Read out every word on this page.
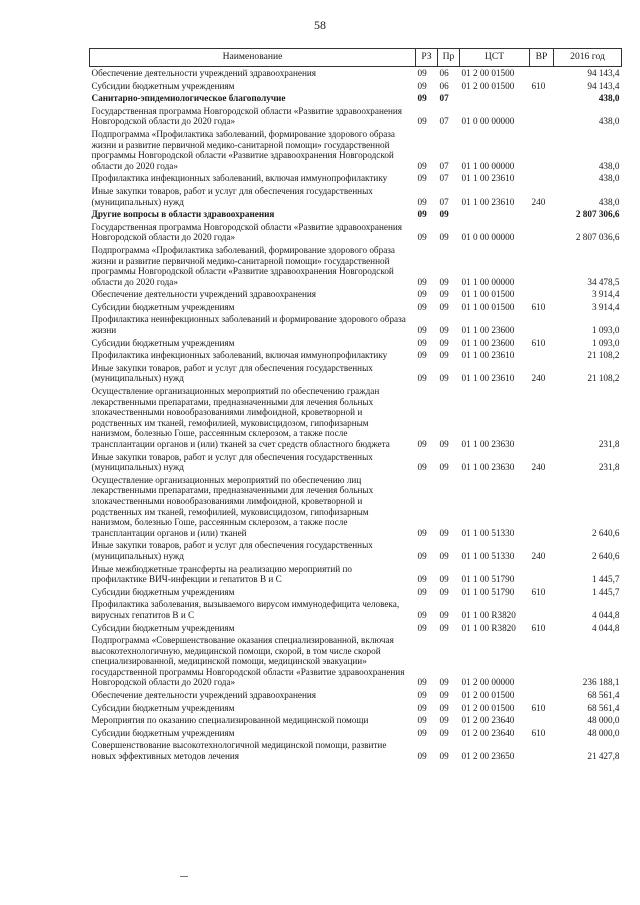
58
Наименование	РЗ	Пр	ЦСТ	ВР	2016 год
Обеспечение деятельности учреждений здравоохранения	09	06	01 2 00 01500		94 143,4
Субсидии бюджетным учреждениям	09	06	01 2 00 01500	610	94 143,4
Санитарно-эпидемиологическое благополучие	09	07			438,0
Государственная программа Новгородской области «Развитие здравоохранения Новгородской области до 2020 года»	09	07	01 0 00 00000		438,0
Подпрограмма «Профилактика заболеваний, формирование здорового образа жизни и развитие первичной медико-санитарной помощи» государственной программы Новгородской области «Развитие здравоохранения Новгородской области до 2020 года»	09	07	01 1 00 00000		438,0
Профилактика инфекционных заболеваний, включая иммунопрофилактику	09	07	01 1 00 23610		438,0
Иные закупки товаров, работ и услуг для обеспечения государственных (муниципальных) нужд	09	07	01 1 00 23610	240	438,0
Другие вопросы в области здравоохранения	09	09			2 807 306,6
Государственная программа Новгородской области «Развитие здравоохранения Новгородской области до 2020 года»	09	09	01 0 00 00000		2 807 036,6
Подпрограмма «Профилактика заболеваний, формирование здорового образа жизни и развитие первичной медико-санитарной помощи» государственной программы Новгородской области «Развитие здравоохранения Новгородской области до 2020 года»	09	09	01 1 00 00000		34 478,5
Обеспечение деятельности учреждений здравоохранения	09	09	01 1 00 01500		3 914,4
Субсидии бюджетным учреждениям	09	09	01 1 00 01500	610	3 914,4
Профилактика неинфекционных заболеваний и формирование здорового образа жизни	09	09	01 1 00 23600		1 093,0
Субсидии бюджетным учреждениям	09	09	01 1 00 23600	610	1 093,0
Профилактика инфекционных заболеваний, включая иммунопрофилактику	09	09	01 1 00 23610		21 108,2
Иные закупки товаров, работ и услуг для обеспечения государственных (муниципальных) нужд	09	09	01 1 00 23610	240	21 108,2
Осуществление организационных мероприятий по обеспечению граждан лекарственными препаратами, предназначенными для лечения больных злокачественными новообразованиями лимфоидной, кроветворной и родственных им тканей, гемофилией, муковисцидозом, гипофизарным нанизмом, болезнью Гоше, рассеянным склерозом, а также после трансплантации органов и (или) тканей за счет средств областного бюджета	09	09	01 1 00 23630		231,8
Иные закупки товаров, работ и услуг для обеспечения государственных (муниципальных) нужд	09	09	01 1 00 23630	240	231,8
Осуществление организационных мероприятий по обеспечению лиц лекарственными препаратами, предназначенными для лечения больных злокачественными новообразованиями лимфоидной, кроветворной и родственных им тканей, гемофилией, муковисцидозом, гипофизарным нанизмом, болезнью Гоше, рассеянным склерозом, а также после трансплантации органов и (или) тканей	09	09	01 1 00 51330		2 640,6
Иные закупки товаров, работ и услуг для обеспечения государственных (муниципальных) нужд	09	09	01 1 00 51330	240	2 640,6
Иные межбюджетные трансферты на реализацию мероприятий по профилактике ВИЧ-инфекции и гепатитов В и С	09	09	01 1 00 51790		1 445,7
Субсидии бюджетным учреждениям	09	09	01 1 00 51790	610	1 445,7
Профилактика заболевания, вызываемого вирусом иммунодефицита человека, вирусных гепатитов В и С	09	09	01 1 00 R3820		4 044,8
Субсидии бюджетным учреждениям	09	09	01 1 00 R3820	610	4 044,8
Подпрограмма «Совершенствование оказания специализированной, включая высокотехнологичную, медицинской помощи, скорой, в том числе скорой специализированной, медицинской помощи, медицинской эвакуации» государственной программы Новгородской области «Развитие здравоохранения Новгородской области до 2020 года»	09	09	01 2 00 00000		236 188,1
Обеспечение деятельности учреждений здравоохранения	09	09	01 2 00 01500		68 561,4
Субсидии бюджетным учреждениям	09	09	01 2 00 01500	610	68 561,4
Мероприятия по оказанию специализированной медицинской помощи	09	09	01 2 00 23640		48 000,0
Субсидии бюджетным учреждениям	09	09	01 2 00 23640	610	48 000,0
Совершенствование высокотехнологичной медицинской помощи, развитие новых эффективных методов лечения	09	09	01 2 00 23650		21 427,8
